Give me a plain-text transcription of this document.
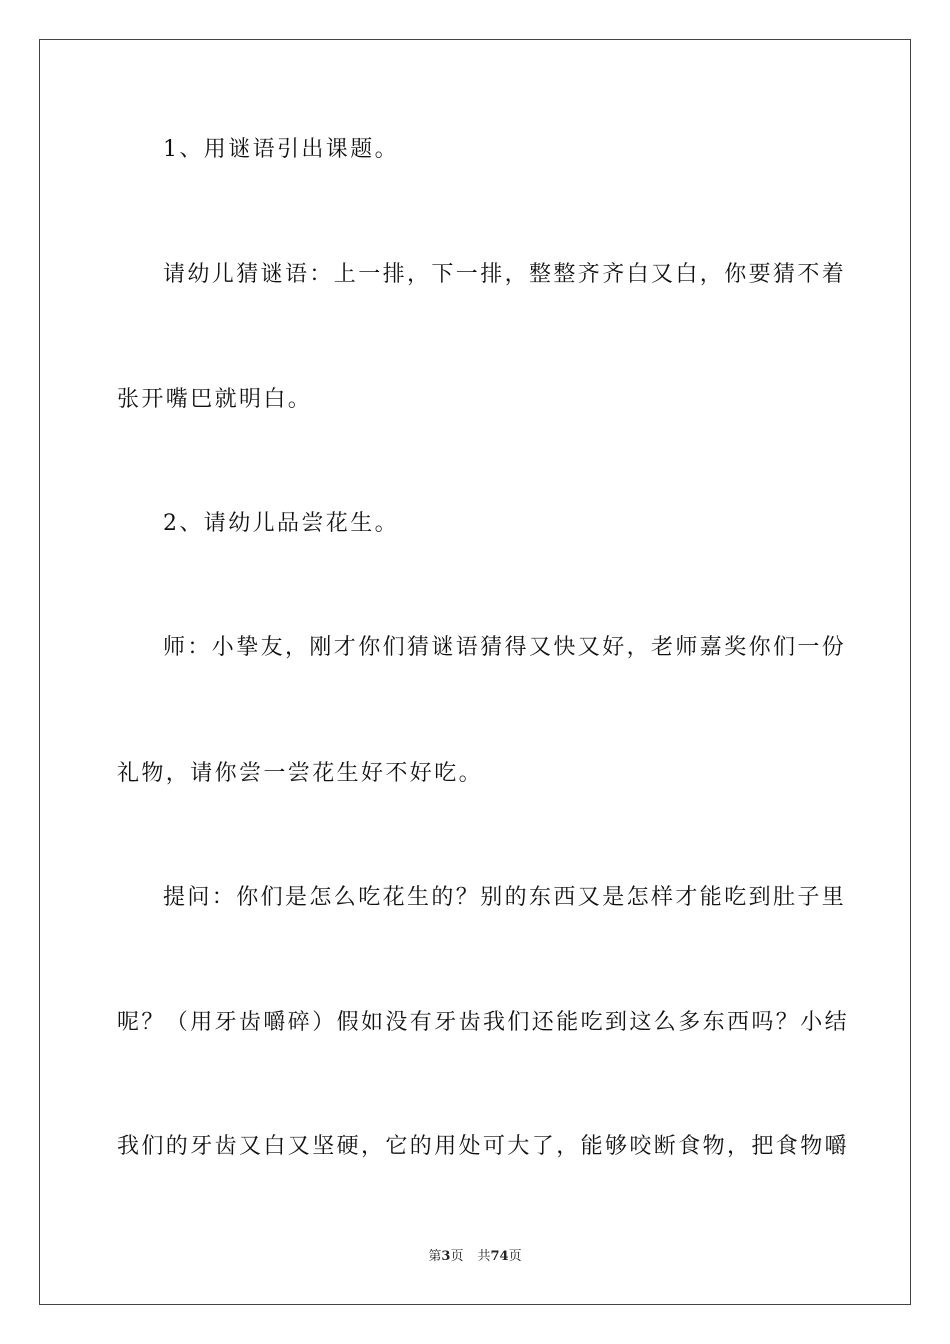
1、用谜语引出课题。
请幼儿猜谜语：上一排，下一排，整整齐齐白又白，你要猜不着
张开嘴巴就明白。
2、请幼儿品尝花生。
师：小挚友，刚才你们猜谜语猜得又快又好，老师嘉奖你们一份
礼物，请你尝一尝花生好不好吃。
提问：你们是怎么吃花生的？别的东西又是怎样才能吃到肚子里
呢？（用牙齿嚼碎）假如没有牙齿我们还能吃到这么多东西吗？小结
我们的牙齿又白又坚硬，它的用处可大了，能够咬断食物，把食物嚼
第3页 共74页
